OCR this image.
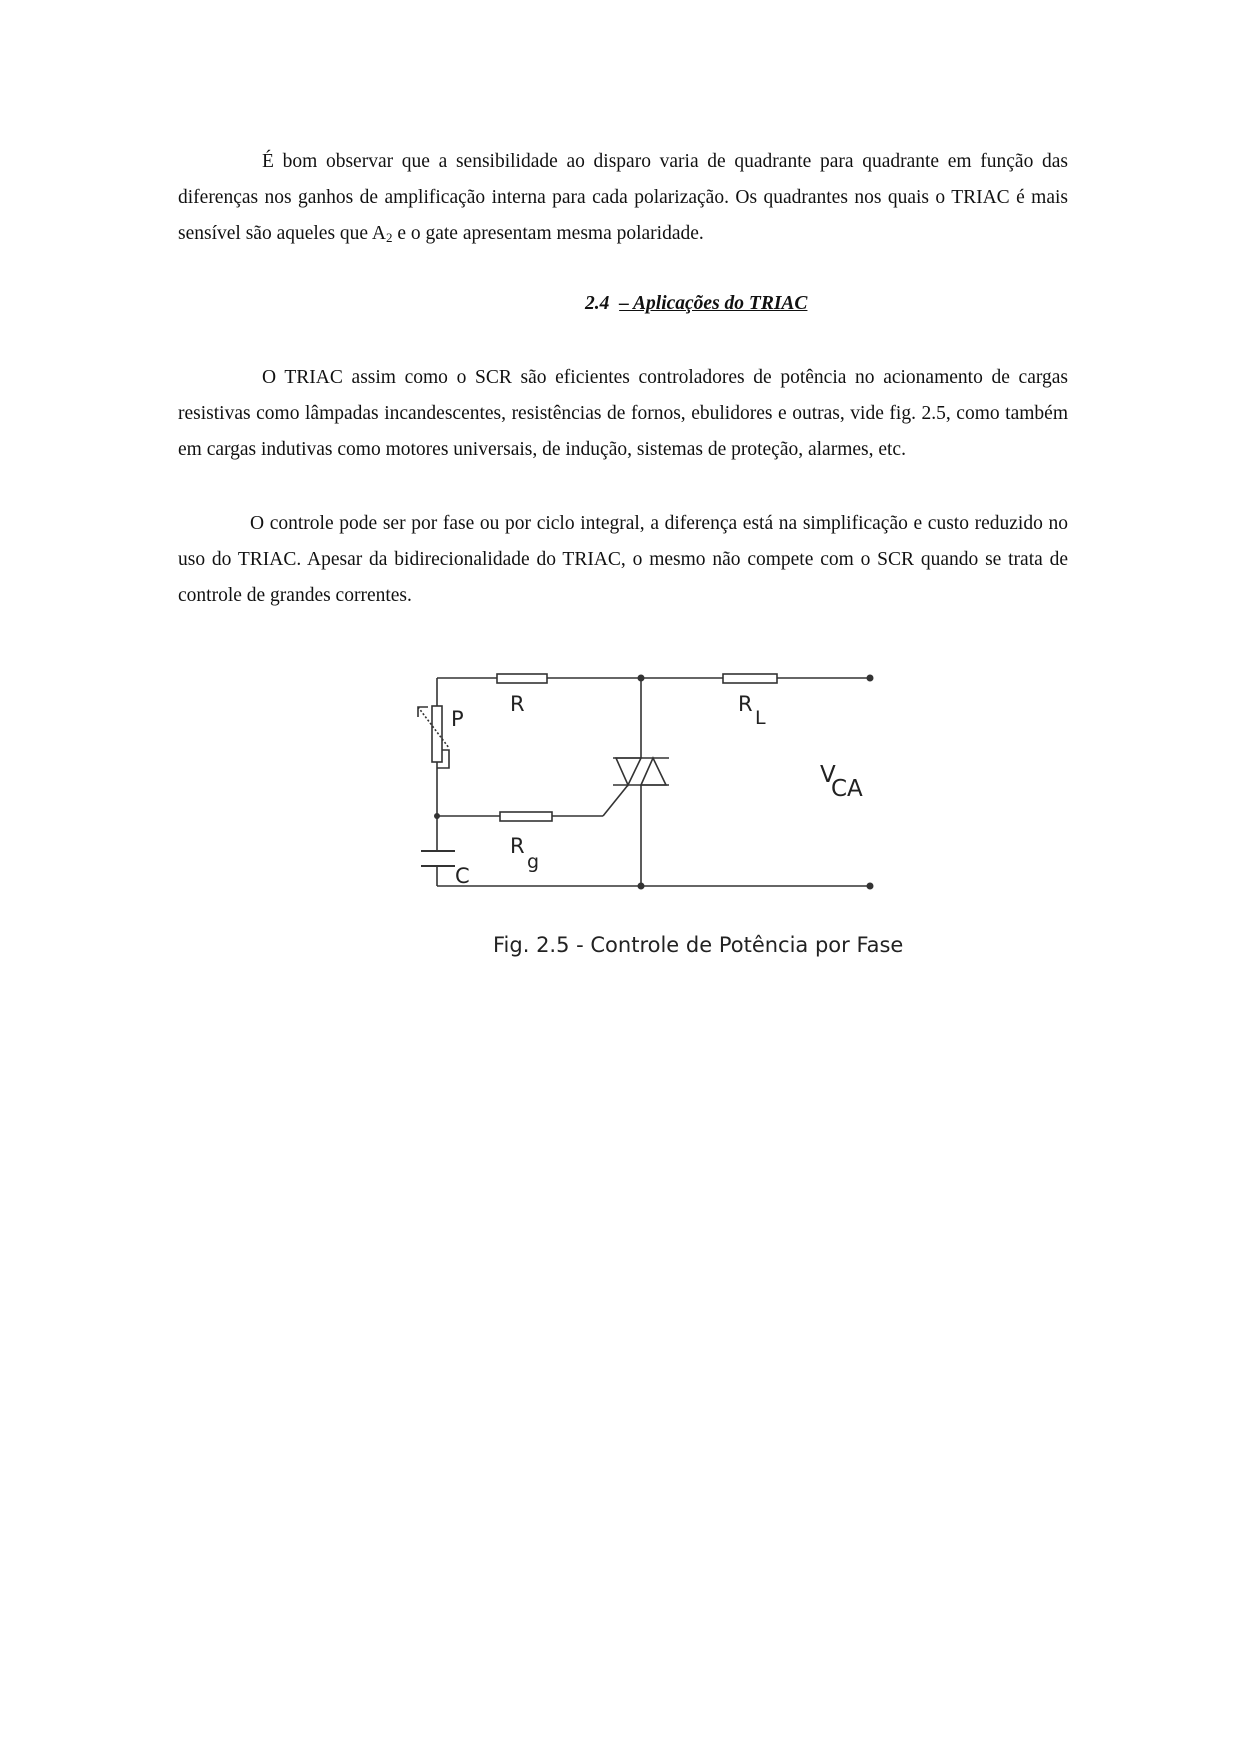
É bom observar que a sensibilidade ao disparo varia de quadrante para quadrante em função das diferenças nos ganhos de amplificação interna para cada polarização. Os quadrantes nos quais o TRIAC é mais sensível são aqueles que $A_2$ e o gate apresentam mesma polaridade.

2.4 – Aplicações do TRIAC

O TRIAC assim como o SCR são eficientes controladores de potência no acionamento de cargas resistivas como lâmpadas incandescentes, resistências de fornos, ebulidores e outras, vide fig. 2.5, como também em cargas indutivas como motores universais, de indução, sistemas de proteção, alarmes, etc.

O controle pode ser por fase ou por ciclo integral, a diferença está na simplificação e custo reduzido no uso do TRIAC. Apesar da bidirecionalidade do TRIAC, o mesmo não compete com o SCR quando se trata de controle de grandes correntes.

R
P
R
L
R
g
C
V
CA
Fig. 2.5 - Controle de Potência por Fase
